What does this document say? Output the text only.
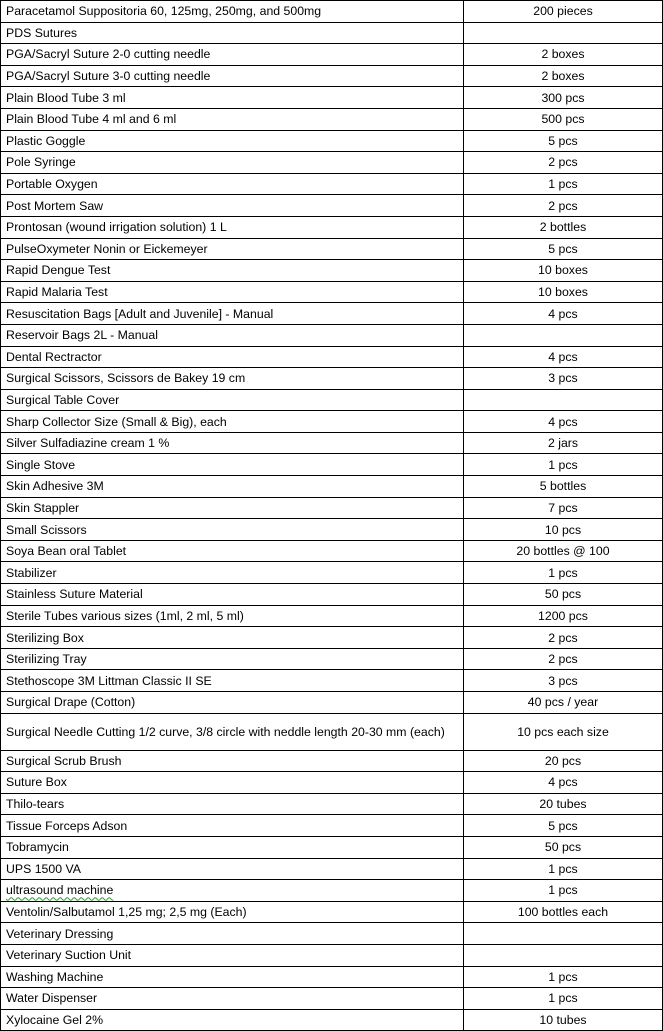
Paracetamol Suppositoria 60, 125mg, 250mg, and 500mg	200 pieces
PDS Sutures	
PGA/Sacryl Suture 2-0 cutting needle	2 boxes
PGA/Sacryl Suture 3-0 cutting needle	2 boxes
Plain Blood Tube 3 ml	300 pcs
Plain Blood Tube 4 ml and 6 ml	500 pcs
Plastic Goggle	5 pcs
Pole Syringe	2 pcs
Portable Oxygen	1 pcs
Post Mortem Saw	2 pcs
Prontosan (wound irrigation solution) 1 L	2 bottles
PulseOxymeter Nonin or Eickemeyer	5 pcs
Rapid Dengue Test	10 boxes
Rapid Malaria Test	10 boxes
Resuscitation Bags [Adult and Juvenile] - Manual	4 pcs
Reservoir Bags 2L - Manual	
Dental Rectractor	4 pcs
Surgical Scissors, Scissors de Bakey 19 cm	3 pcs
Surgical Table Cover	
Sharp Collector Size (Small & Big), each	4 pcs
Silver Sulfadiazine cream 1 %	2 jars
Single Stove	1 pcs
Skin Adhesive 3M	5 bottles
Skin Stappler	7 pcs
Small Scissors	10 pcs
Soya Bean oral Tablet	20 bottles @ 100
Stabilizer	1 pcs
Stainless Suture Material	50 pcs
Sterile Tubes various sizes (1ml, 2 ml, 5 ml)	1200 pcs
Sterilizing Box	2 pcs
Sterilizing Tray	2 pcs
Stethoscope 3M Littman Classic II SE	3 pcs
Surgical Drape (Cotton)	40 pcs / year
Surgical Needle Cutting 1/2 curve, 3/8 circle with neddle length 20-30 mm (each)	10 pcs each size
Surgical Scrub Brush	20 pcs
Suture Box	4 pcs
Thilo-tears	20 tubes
Tissue Forceps Adson	5 pcs
Tobramycin	50 pcs
UPS 1500 VA	1 pcs
ultrasound machine	1 pcs
Ventolin/Salbutamol 1,25 mg; 2,5 mg (Each)	100 bottles each
Veterinary Dressing	
Veterinary Suction Unit	
Washing Machine	1 pcs
Water Dispenser	1 pcs
Xylocaine Gel 2%	10 tubes
